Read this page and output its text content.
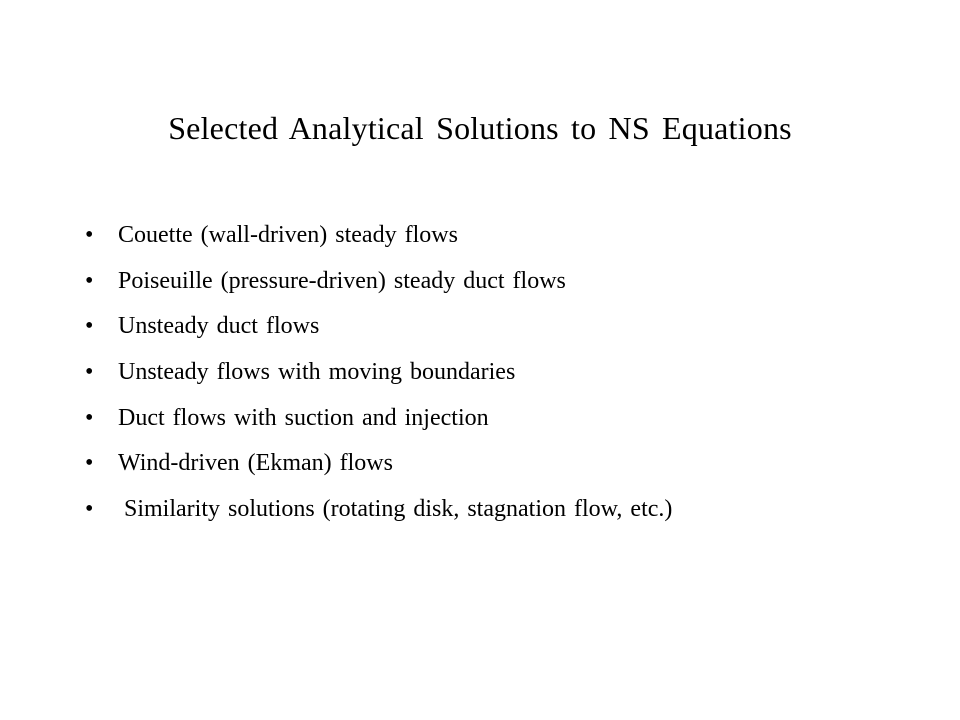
Selected Analytical Solutions to NS Equations
•	Couette (wall-driven) steady flows
•	Poiseuille (pressure-driven) steady duct flows
•	Unsteady duct flows
•	Unsteady flows with moving boundaries
•	Duct flows with suction and injection
•	Wind-driven (Ekman) flows
•	Similarity solutions (rotating disk, stagnation flow, etc.)
